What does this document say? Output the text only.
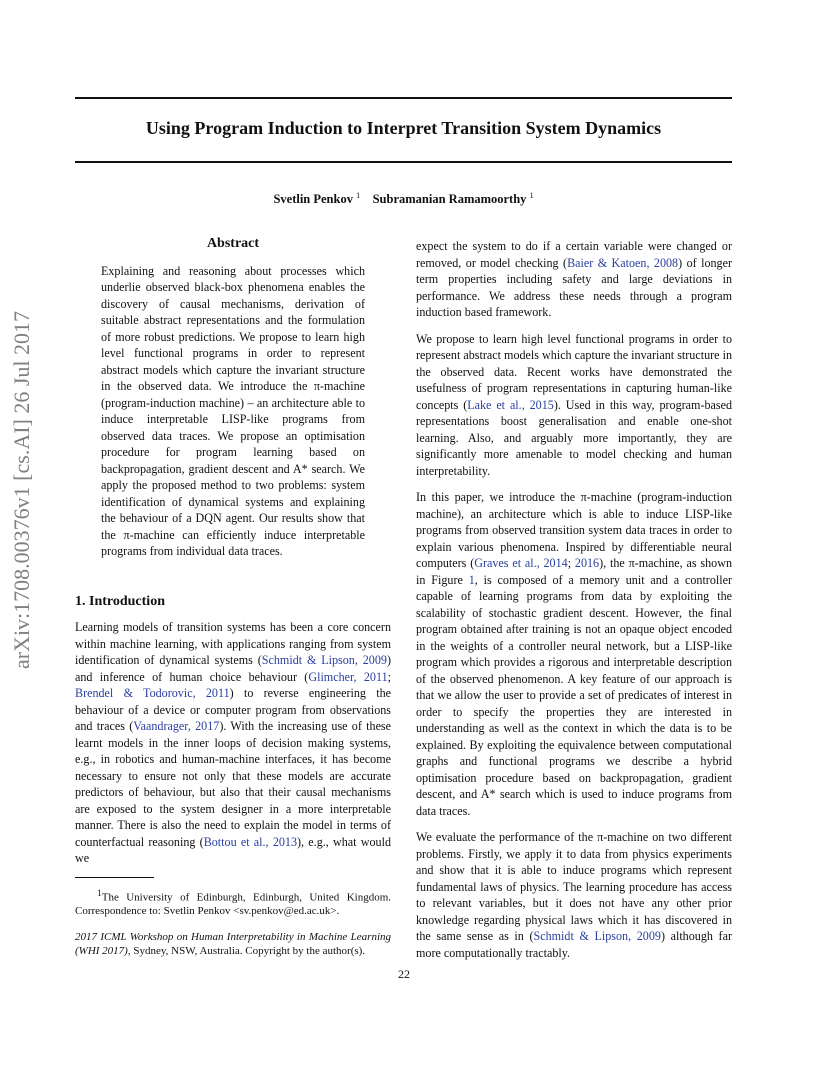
Using Program Induction to Interpret Transition System Dynamics
Svetlin Penkov $^1$ Subramanian Ramamoorthy $^1$
arXiv:1708.00376v1 [cs.AI] 26 Jul 2017
Abstract
Explaining and reasoning about processes which underlie observed black-box phenomena enables the discovery of causal mechanisms, derivation of suitable abstract representations and the formulation of more robust predictions. We propose to learn high level functional programs in order to represent abstract models which capture the invariant structure in the observed data. We introduce the π-machine (program-induction machine) – an architecture able to induce interpretable LISP-like programs from observed data traces. We propose an optimisation procedure for program learning based on backpropagation, gradient descent and A* search. We apply the proposed method to two problems: system identification of dynamical systems and explaining the behaviour of a DQN agent. Our results show that the π-machine can efficiently induce interpretable programs from individual data traces.
1. Introduction

Learning models of transition systems has been a core concern within machine learning, with applications ranging from system identification of dynamical systems (Schmidt & Lipson, 2009) and inference of human choice behaviour (Glimcher, 2011; Brendel & Todorovic, 2011) to reverse engineering the behaviour of a device or computer program from observations and traces (Vaandrager, 2017). With the increasing use of these learnt models in the inner loops of decision making systems, e.g., in robotics and human-machine interfaces, it has become necessary to ensure not only that these models are accurate predictors of behaviour, but also that their causal mechanisms are exposed to the system designer in a more interpretable manner. There is also the need to explain the model in terms of counterfactual reasoning (Bottou et al., 2013), e.g., what would we

$^1$The University of Edinburgh, Edinburgh, United Kingdom. Correspondence to: Svetlin Penkov <sv.penkov@ed.ac.uk>.

2017 ICML Workshop on Human Interpretability in Machine Learning (WHI 2017), Sydney, NSW, Australia. Copyright by the author(s).

expect the system to do if a certain variable were changed or removed, or model checking (Baier & Katoen, 2008) of longer term properties including safety and large deviations in performance. We address these needs through a program induction based framework.

We propose to learn high level functional programs in order to represent abstract models which capture the invariant structure in the observed data. Recent works have demonstrated the usefulness of program representations in capturing human-like concepts (Lake et al., 2015). Used in this way, program-based representations boost generalisation and enable one-shot learning. Also, and arguably more importantly, they are significantly more amenable to model checking and human interpretability.

In this paper, we introduce the π-machine (program-induction machine), an architecture which is able to induce LISP-like programs from observed transition system data traces in order to explain various phenomena. Inspired by differentiable neural computers (Graves et al., 2014; 2016), the π-machine, as shown in Figure 1, is composed of a memory unit and a controller capable of learning programs from data by exploiting the scalability of stochastic gradient descent. However, the final program obtained after training is not an opaque object encoded in the weights of a controller neural network, but a LISP-like program which provides a rigorous and interpretable description of the observed phenomenon. A key feature of our approach is that we allow the user to provide a set of predicates of interest in order to specify the properties they are interested in understanding as well as the context in which the data is to be explained. By exploiting the equivalence between computational graphs and functional programs we describe a hybrid optimisation procedure based on backpropagation, gradient descent, and A* search which is used to induce programs from data traces.

We evaluate the performance of the π-machine on two different problems. Firstly, we apply it to data from physics experiments and show that it is able to induce programs which represent fundamental laws of physics. The learning procedure has access to relevant variables, but it does not have any other prior knowledge regarding physical laws which it has discovered in the same sense as in (Schmidt & Lipson, 2009) although far more computationally tractably.

22
